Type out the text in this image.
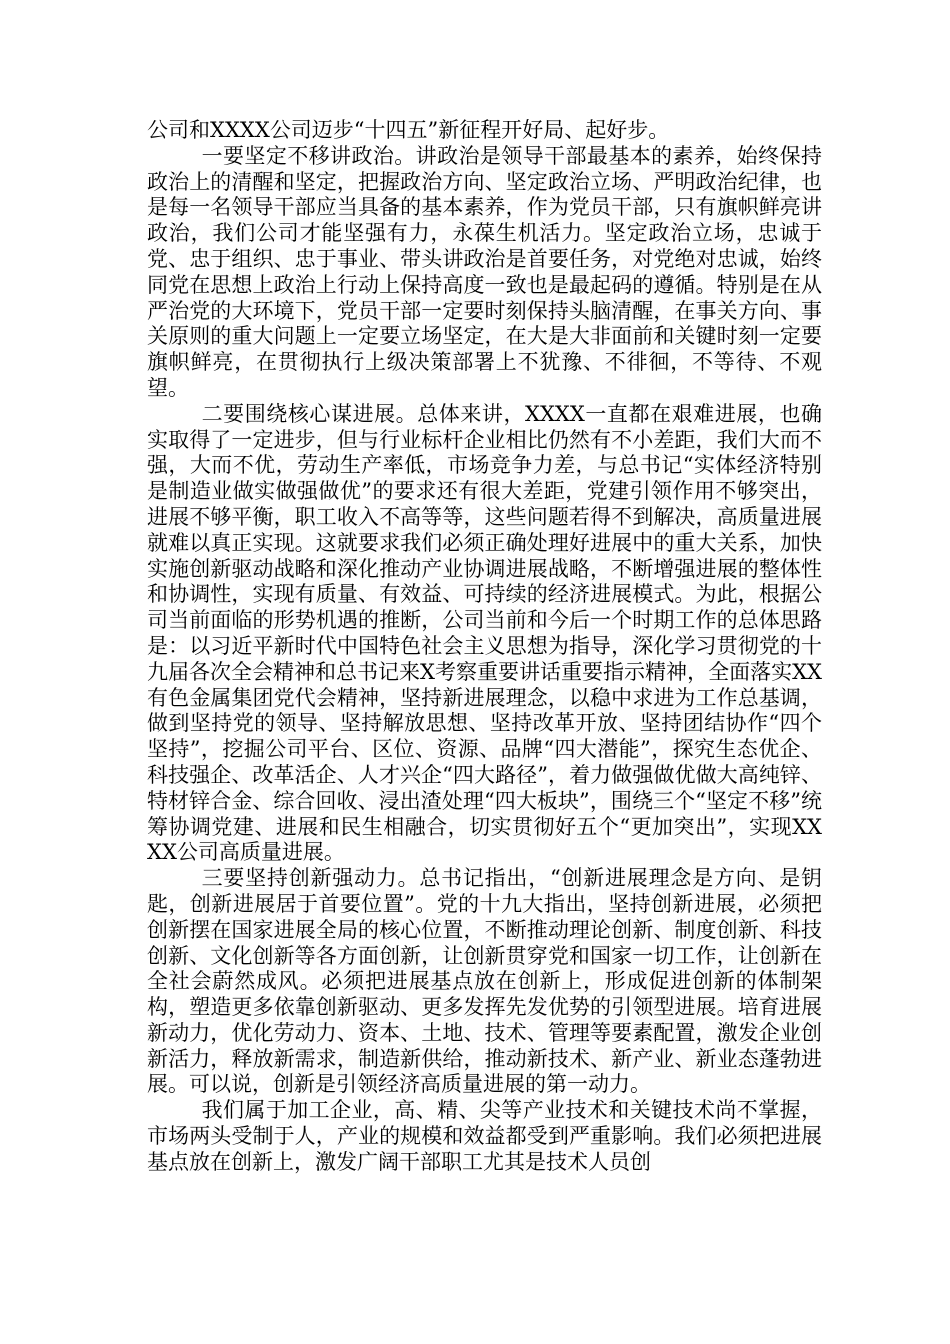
公司和XXXX公司迈步“十四五”新征程开好局、起好步。

一要坚定不移讲政治。讲政治是领导干部最基本的素养，始终保持政治上的清醒和坚定，把握政治方向、坚定政治立场、严明政治纪律，也是每一名领导干部应当具备的基本素养，作为党员干部，只有旗帜鲜亮讲政治，我们公司才能坚强有力，永葆生机活力。坚定政治立场，忠诚于党、忠于组织、忠于事业、带头讲政治是首要任务，对党绝对忠诚，始终同党在思想上政治上行动上保持高度一致也是最起码的遵循。特别是在从严治党的大环境下，党员干部一定要时刻保持头脑清醒，在事关方向、事关原则的重大问题上一定要立场坚定，在大是大非面前和关键时刻一定要旗帜鲜亮，在贯彻执行上级决策部署上不犹豫、不徘徊，不等待、不观望。

二要围绕核心谋进展。总体来讲，XXXX一直都在艰难进展，也确实取得了一定进步，但与行业标杆企业相比仍然有不小差距，我们大而不强，大而不优，劳动生产率低，市场竞争力差，与总书记“实体经济特别是制造业做实做强做优”的要求还有很大差距，党建引领作用不够突出，进展不够平衡，职工收入不高等等，这些问题若得不到解决，高质量进展就难以真正实现。这就要求我们必须正确处理好进展中的重大关系，加快实施创新驱动战略和深化推动产业协调进展战略，不断增强进展的整体性和协调性，实现有质量、有效益、可持续的经济进展模式。为此，根据公司当前面临的形势机遇的推断，公司当前和今后一个时期工作的总体思路是：以习近平新时代中国特色社会主义思想为指导，深化学习贯彻党的十九届各次全会精神和总书记来X考察重要讲话重要指示精神，全面落实XX有色金属集团党代会精神，坚持新进展理念，以稳中求进为工作总基调，做到坚持党的领导、坚持解放思想、坚持改革开放、坚持团结协作“四个坚持”，挖掘公司平台、区位、资源、品牌“四大潜能”，探究生态优企、科技强企、改革活企、人才兴企“四大路径”，着力做强做优做大高纯锌、特材锌合金、综合回收、浸出渣处理“四大板块”，围绕三个“坚定不移”统筹协调党建、进展和民生相融合，切实贯彻好五个“更加突出”，实现XXXX公司高质量进展。

三要坚持创新强动力。总书记指出，“创新进展理念是方向、是钥匙，创新进展居于首要位置”。党的十九大指出，坚持创新进展，必须把创新摆在国家进展全局的核心位置，不断推动理论创新、制度创新、科技创新、文化创新等各方面创新，让创新贯穿党和国家一切工作，让创新在全社会蔚然成风。必须把进展基点放在创新上，形成促进创新的体制架构，塑造更多依靠创新驱动、更多发挥先发优势的引领型进展。培育进展新动力，优化劳动力、资本、土地、技术、管理等要素配置，激发企业创新活力，释放新需求，制造新供给，推动新技术、新产业、新业态蓬勃进展。可以说，创新是引领经济高质量进展的第一动力。

我们属于加工企业，高、精、尖等产业技术和关键技术尚不掌握，市场两头受制于人，产业的规模和效益都受到严重影响。我们必须把进展基点放在创新上，激发广阔干部职工尤其是技术人员创
